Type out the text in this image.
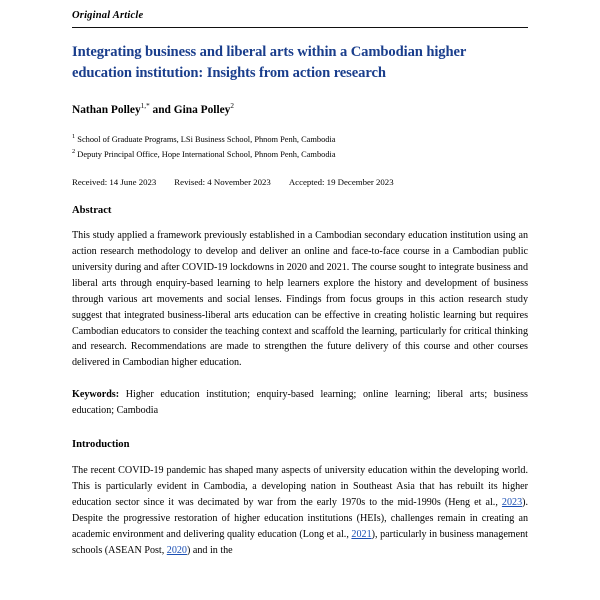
Original Article
Integrating business and liberal arts within a Cambodian higher education institution: Insights from action research
Nathan Polley$^{1,*}$ and Gina Polley$^2$

$^1$ School of Graduate Programs, LSi Business School, Phnom Penh, Cambodia

$^2$ Deputy Principal Office, Hope International School, Phnom Penh, Cambodia

Received: 14 June 2023 Revised: 4 November 2023 Accepted: 19 December 2023
Abstract

This study applied a framework previously established in a Cambodian secondary education institution using an action research methodology to develop and deliver an online and face-to-face course in a Cambodian public university during and after COVID-19 lockdowns in 2020 and 2021. The course sought to integrate business and liberal arts through enquiry-based learning to help learners explore the history and development of business through various art movements and social lenses. Findings from focus groups in this action research study suggest that integrated business-liberal arts education can be effective in creating holistic learning but requires Cambodian educators to consider the teaching context and scaffold the learning, particularly for critical thinking and research. Recommendations are made to strengthen the future delivery of this course and other courses delivered in Cambodian higher education.

Keywords: Higher education institution; enquiry-based learning; online learning; liberal arts; business education; Cambodia

Introduction

The recent COVID-19 pandemic has shaped many aspects of university education within the developing world. This is particularly evident in Cambodia, a developing nation in Southeast Asia that has rebuilt its higher education sector since it was decimated by war from the early 1970s to the mid-1990s (Heng et al., 2023). Despite the progressive restoration of higher education institutions (HEIs), challenges remain in creating an academic environment and delivering quality education (Long et al., 2021), particularly in business management schools (ASEAN Post, 2020) and in the
